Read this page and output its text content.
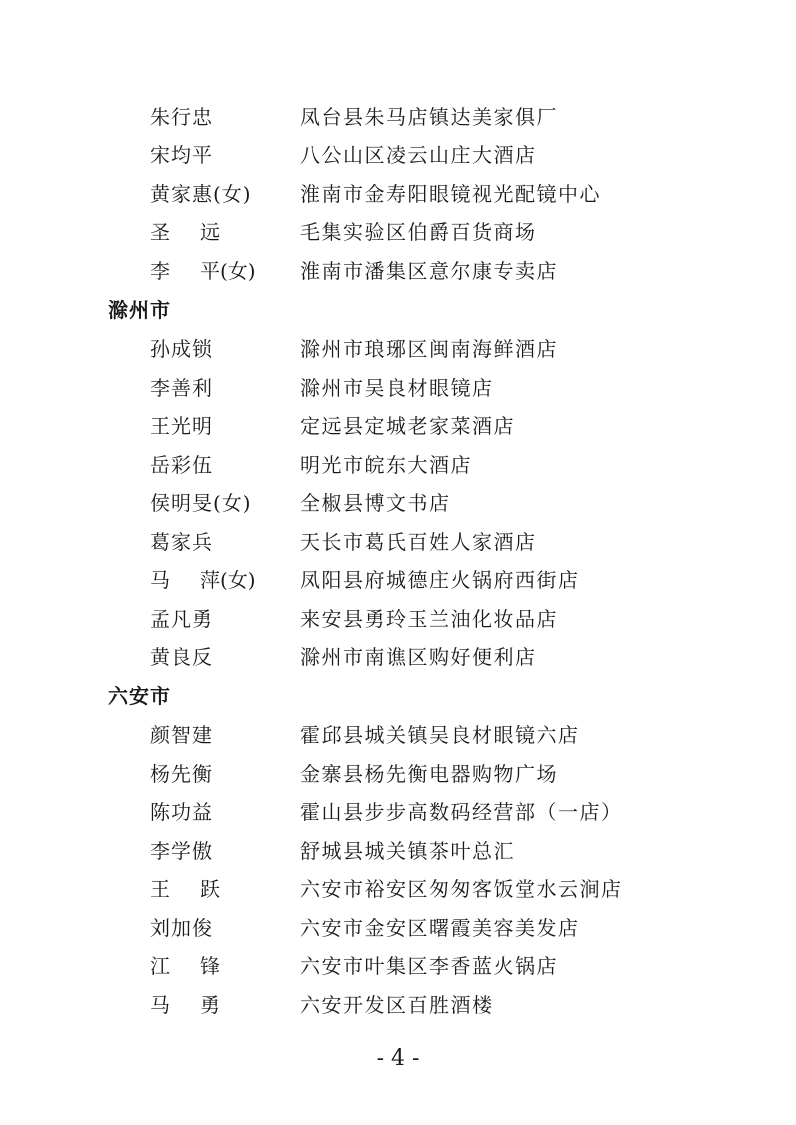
朱行忠	凤台县朱马店镇达美家俱厂
宋均平	八公山区凌云山庄大酒店
黄家惠(女) 淮南市金寿阳眼镜视光配镜中心
圣 远	毛集实验区伯爵百货商场
李 平(女) 淮南市潘集区意尔康专卖店
滁州市
孙成锁	滁州市琅琊区闽南海鲜酒店
李善利	滁州市吴良材眼镜店
王光明	定远县定城老家菜酒店
岳彩伍	明光市皖东大酒店
侯明旻(女) 全椒县博文书店
葛家兵	天长市葛氏百姓人家酒店
马 萍(女) 凤阳县府城德庄火锅府西街店
孟凡勇	来安县勇玲玉兰油化妆品店
黄良反	滁州市南谯区购好便利店
六安市
颜智建	霍邱县城关镇吴良材眼镜六店
杨先衡	金寨县杨先衡电器购物广场
陈功益	霍山县步步高数码经营部（一店）
李学傲	舒城县城关镇茶叶总汇
王 跃	六安市裕安区匆匆客饭堂水云涧店
刘加俊	六安市金安区曙霞美容美发店
江 锋	六安市叶集区李香蓝火锅店
马 勇	六安开发区百胜酒楼
- 4 -
